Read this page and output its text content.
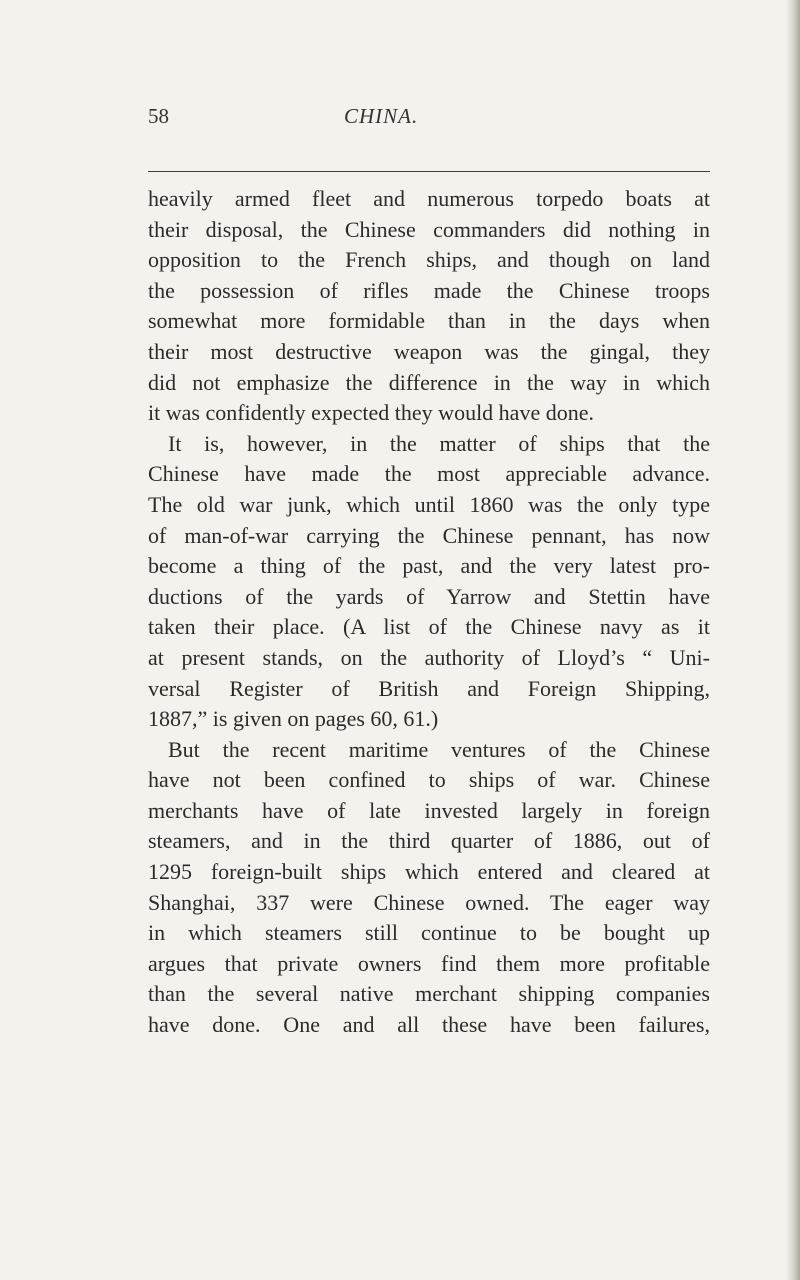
58	CHINA.
heavily armed fleet and numerous torpedo boats at
their disposal, the Chinese commanders did nothing in
opposition to the French ships, and though on land
the possession of rifles made the Chinese troops
somewhat more formidable than in the days when
their most destructive weapon was the gingal, they
did not emphasize the difference in the way in which
it was confidently expected they would have done.
It is, however, in the matter of ships that the
Chinese have made the most appreciable advance.
The old war junk, which until 1860 was the only type
of man-of-war carrying the Chinese pennant, has now
become a thing of the past, and the very latest pro-
ductions of the yards of Yarrow and Stettin have
taken their place. (A list of the Chinese navy as it
at present stands, on the authority of Lloyd’s “ Uni-
versal Register of British and Foreign Shipping,
1887,” is given on pages 60, 61.)
But the recent maritime ventures of the Chinese
have not been confined to ships of war. Chinese
merchants have of late invested largely in foreign
steamers, and in the third quarter of 1886, out of
1295 foreign-built ships which entered and cleared at
Shanghai, 337 were Chinese owned. The eager way
in which steamers still continue to be bought up
argues that private owners find them more profitable
than the several native merchant shipping companies
have done. One and all these have been failures,
